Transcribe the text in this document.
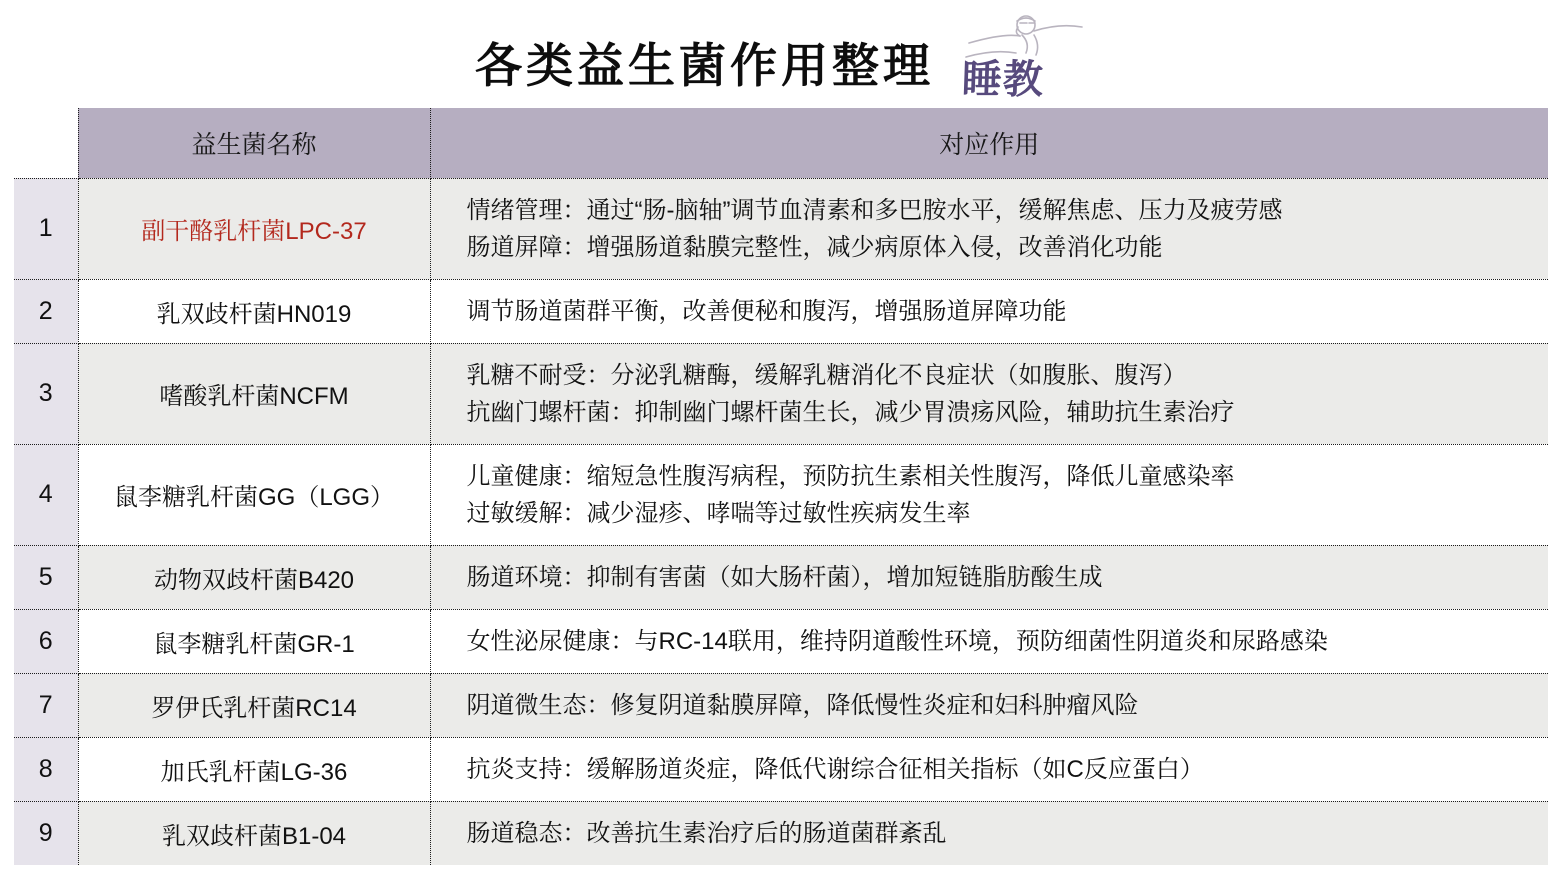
各类益生菌作用整理 睡教
	益生菌名称	对应作用
1	副干酪乳杆菌LPC-37	情绪管理：通过“肠-脑轴”调节血清素和多巴胺水平，缓解焦虑、压力及疲劳感
肠道屏障：增强肠道黏膜完整性，减少病原体入侵，改善消化功能

2	乳双歧杆菌HN019	调节肠道菌群平衡，改善便秘和腹泻，增强肠道屏障功能

3	嗜酸乳杆菌NCFM	乳糖不耐受：分泌乳糖酶，缓解乳糖消化不良症状（如腹胀、腹泻）
抗幽门螺杆菌：抑制幽门螺杆菌生长，减少胃溃疡风险，辅助抗生素治疗

4	鼠李糖乳杆菌GG（LGG）	儿童健康：缩短急性腹泻病程，预防抗生素相关性腹泻，降低儿童感染率
过敏缓解：减少湿疹、哮喘等过敏性疾病发生率

5	动物双歧杆菌B420	肠道环境：抑制有害菌（如大肠杆菌），增加短链脂肪酸生成

6	鼠李糖乳杆菌GR-1	女性泌尿健康：与RC-14联用，维持阴道酸性环境，预防细菌性阴道炎和尿路感染

7	罗伊氏乳杆菌RC14	阴道微生态：修复阴道黏膜屏障，降低慢性炎症和妇科肿瘤风险

8	加氏乳杆菌LG-36	抗炎支持：缓解肠道炎症，降低代谢综合征相关指标（如C反应蛋白）

9	乳双歧杆菌B1-04	肠道稳态：改善抗生素治疗后的肠道菌群紊乱
